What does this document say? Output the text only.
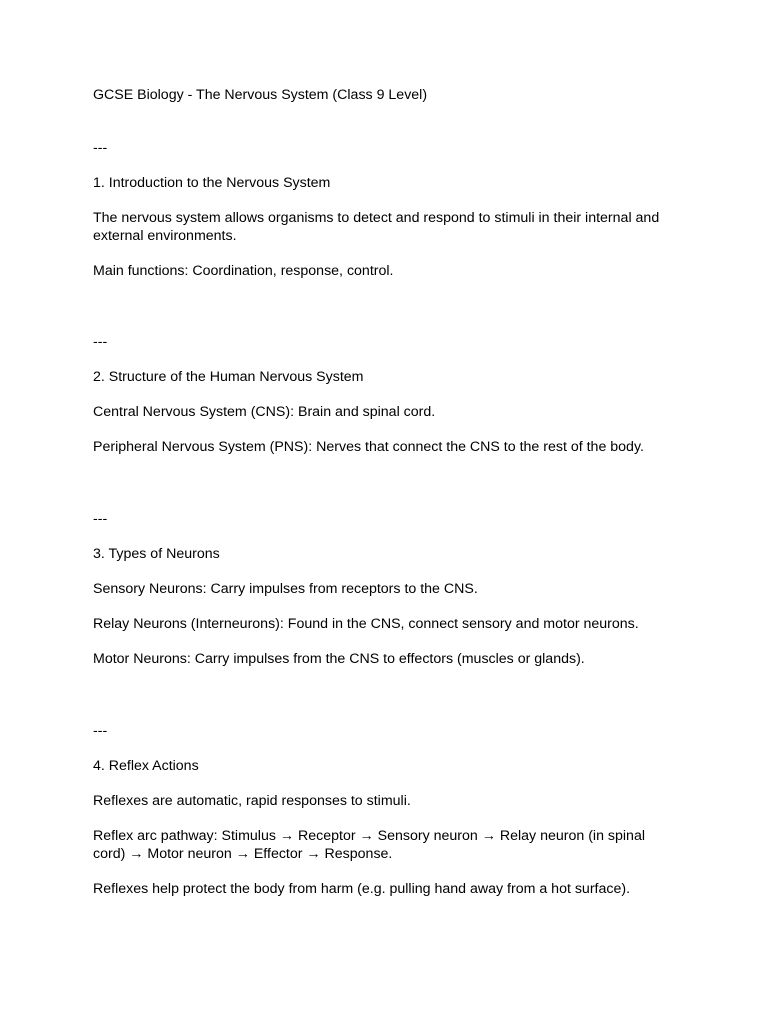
GCSE Biology - The Nervous System (Class 9 Level)

---

1. Introduction to the Nervous System

The nervous system allows organisms to detect and respond to stimuli in their internal and external environments.

Main functions: Coordination, response, control.

---

2. Structure of the Human Nervous System

Central Nervous System (CNS): Brain and spinal cord.

Peripheral Nervous System (PNS): Nerves that connect the CNS to the rest of the body.

---

3. Types of Neurons

Sensory Neurons: Carry impulses from receptors to the CNS.

Relay Neurons (Interneurons): Found in the CNS, connect sensory and motor neurons.

Motor Neurons: Carry impulses from the CNS to effectors (muscles or glands).

---

4. Reflex Actions

Reflexes are automatic, rapid responses to stimuli.

Reflex arc pathway: Stimulus → Receptor → Sensory neuron → Relay neuron (in spinal cord) → Motor neuron → Effector → Response.

Reflexes help protect the body from harm (e.g. pulling hand away from a hot surface).
